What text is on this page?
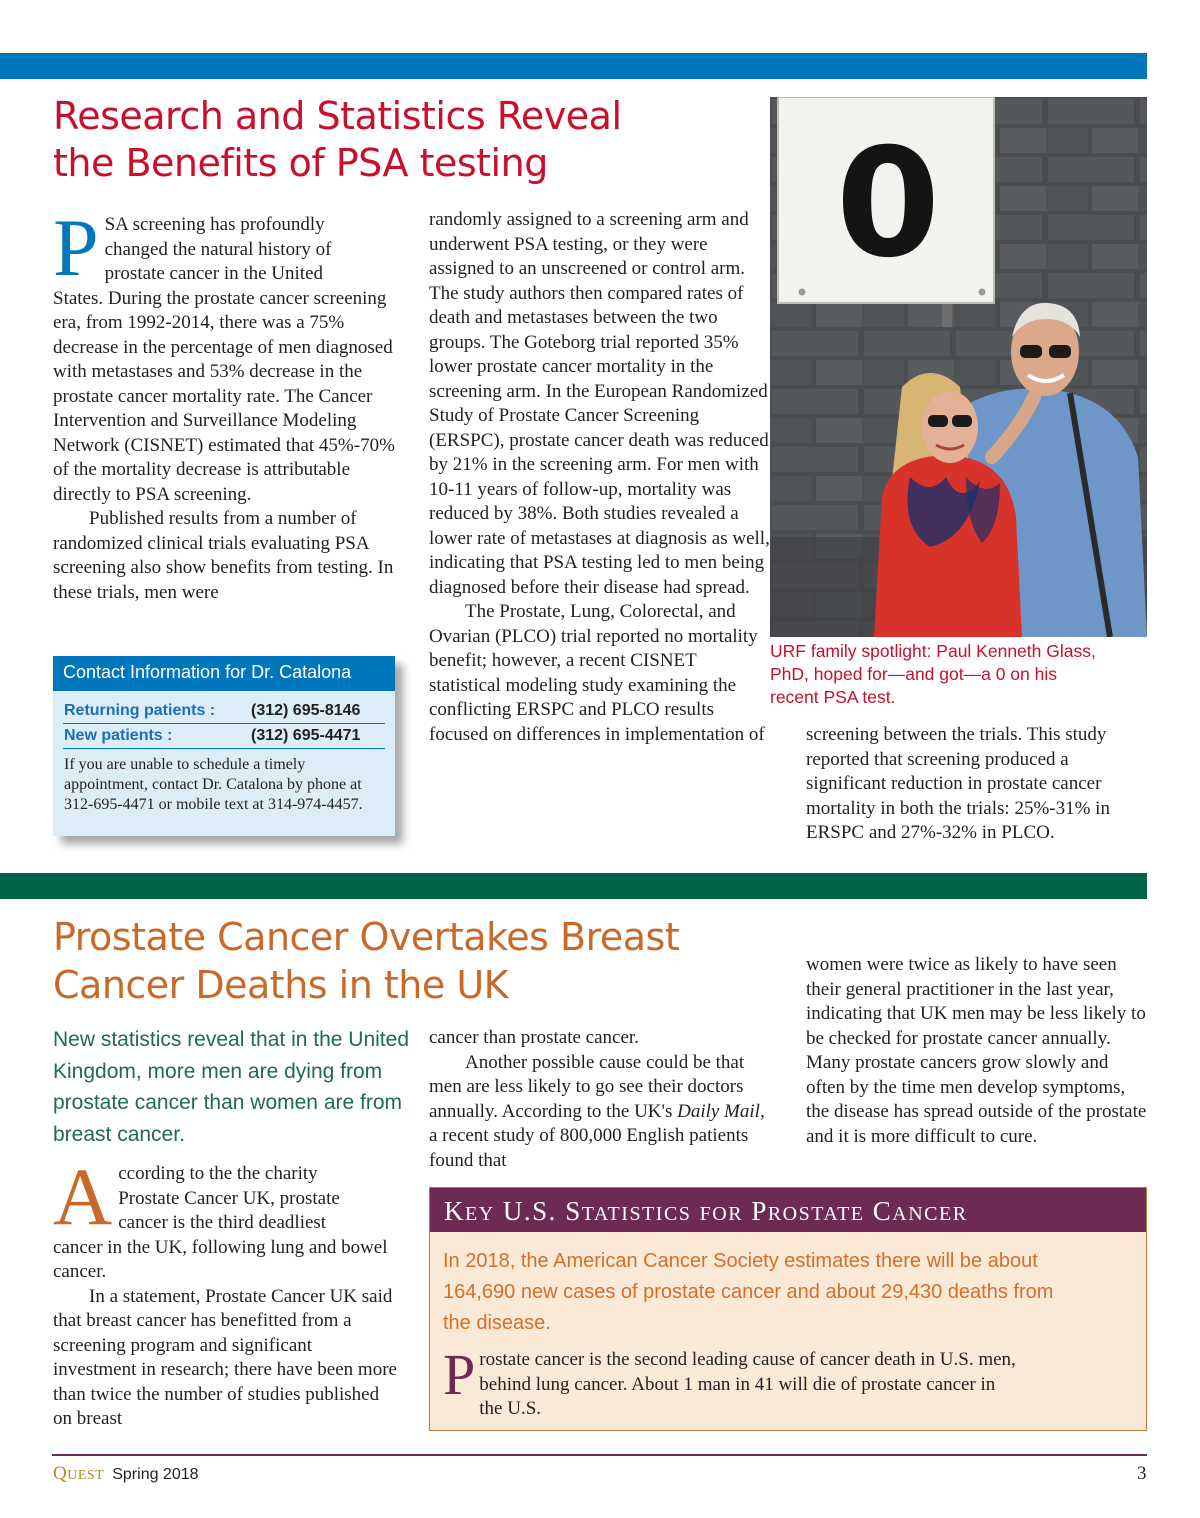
Research and Statistics Reveal
the Benefits of PSA testing

P SA screening has profoundly
changed the natural history of
prostate cancer in the United
States. During the prostate cancer screening era, from 1992-2014, there was a 75% decrease in the percentage of men diagnosed with metastases and 53% decrease in the prostate cancer mortality rate. The Cancer Intervention and Surveillance Modeling Network (CISNET) estimated that 45%-70% of the mortality decrease is attributable directly to PSA screening.

Published results from a number of randomized clinical trials evaluating PSA screening also show benefits from testing. In these trials, men were

Contact Information for Dr. Catalona
Returning patients : (312) 695-8146
New patients :	(312) 695-4471
If you are unable to schedule a timely appointment, contact Dr. Catalona by phone at 312-695-4471 or mobile text at 314-974-4457.

randomly assigned to a screening arm and underwent PSA testing, or they were assigned to an unscreened or control arm. The study authors then compared rates of death and metastases between the two groups. The Goteborg trial reported 35% lower prostate cancer mortality in the screening arm. In the European Randomized Study of Prostate Cancer Screening (ERSPC), prostate cancer death was reduced by 21% in the screening arm. For men with 10-11 years of follow-up, mortality was reduced by 38%. Both studies revealed a lower rate of metastases at diagnosis as well, indicating that PSA testing led to men being diagnosed before their disease had spread.

The Prostate, Lung, Colorectal, and Ovarian (PLCO) trial reported no mortality benefit; however, a recent CISNET statistical modeling study examining the conflicting ERSPC and PLCO results focused on differences in implementation of

0
URF family spotlight: Paul Kenneth Glass,
PhD, hoped for—and got—a 0 on his
recent PSA test.

screening between the trials. This study reported that screening produced a significant reduction in prostate cancer mortality in both the trials: 25%-31% in ERSPC and 27%-32% in PLCO.

Prostate Cancer Overtakes Breast
Cancer Deaths in the UK
New statistics reveal that in the United
Kingdom, more men are dying from
prostate cancer than women are from
breast cancer.

A ccording to the the charity
Prostate Cancer UK, prostate
cancer is the third deadliest
cancer in the UK, following lung and bowel cancer.

In a statement, Prostate Cancer UK said that breast cancer has benefitted from a screening program and significant investment in research; there have been more than twice the number of studies published on breast

cancer than prostate cancer.

Another possible cause could be that men are less likely to go see their doctors annually. According to the UK's Daily Mail, a recent study of 800,000 English patients found that

women were twice as likely to have seen their general practitioner in the last year, indicating that UK men may be less likely to be checked for prostate cancer annually. Many prostate cancers grow slowly and often by the time men develop symptoms, the disease has spread outside of the prostate and it is more difficult to cure.

KEY U.S. STATISTICS FOR PROSTATE CANCER
In 2018, the American Cancer Society estimates there will be about
164,690 new cases of prostate cancer and about 29,430 deaths from
the disease.
P rostate cancer is the second leading cause of cancer death in U.S. men,
behind lung cancer. About 1 man in 41 will die of prostate cancer in
the U.S.
QUEST Spring 2018	3
